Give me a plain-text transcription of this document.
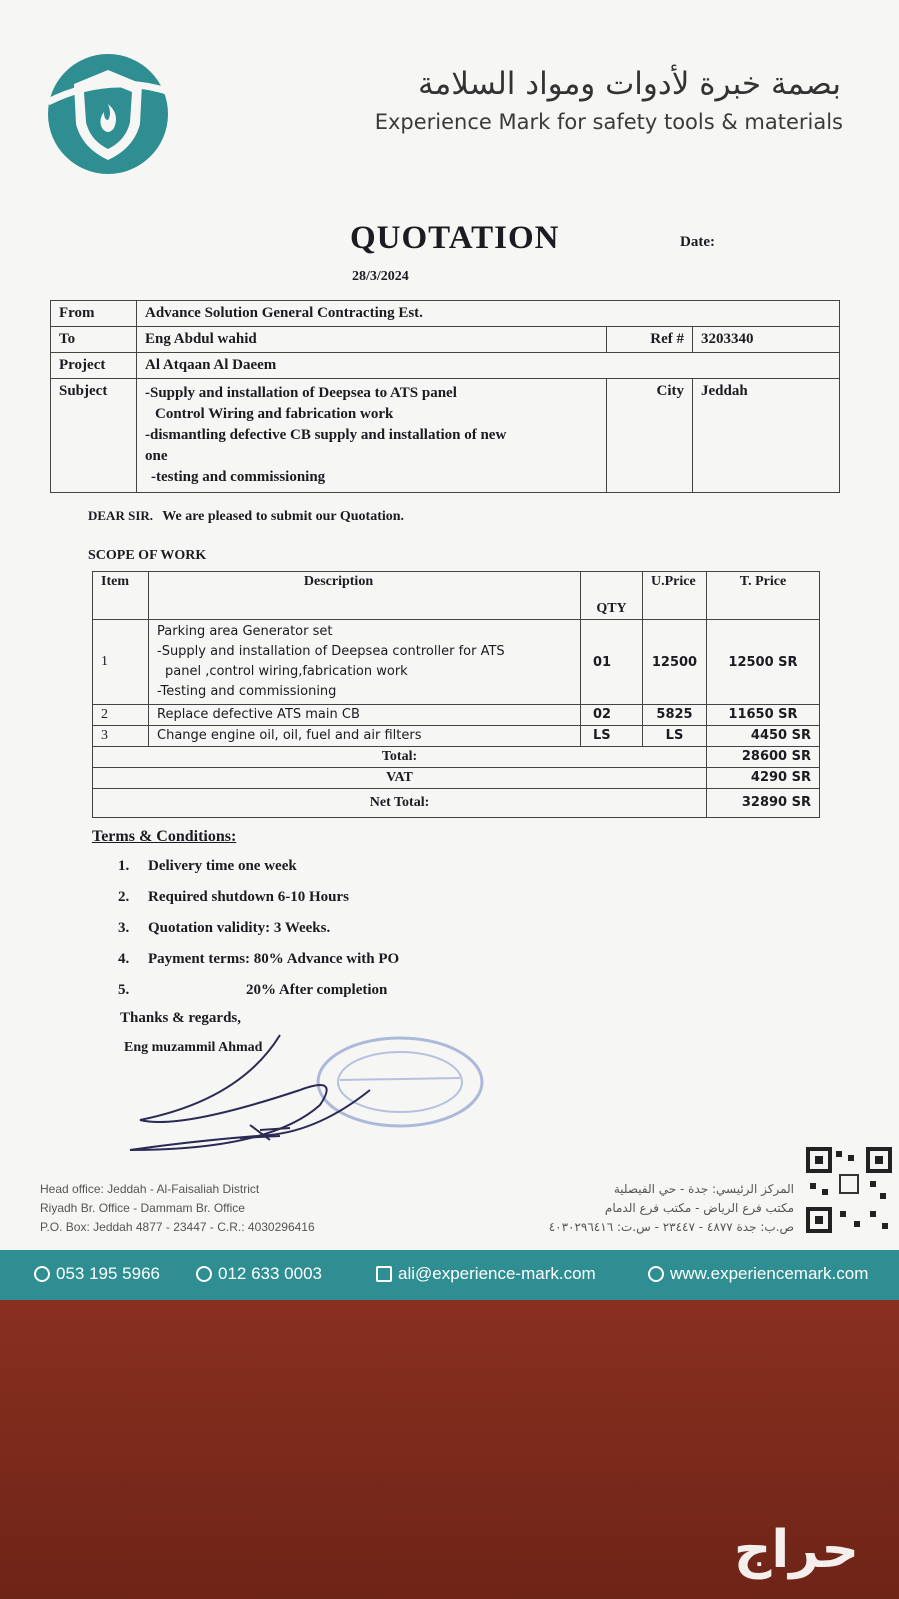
بصمة خبرة لأدوات ومواد السلامة
Experience Mark for safety tools & materials
QUOTATION	Date:
28/3/2024
From	Advance Solution General Contracting Est.		
To	Eng Abdul wahid	Ref #	3203340
Project	Al Atqaan Al Daeem		
Subject	-Supply and installation of Deepsea to ATS panel
Control Wiring and fabrication work
-dismantling defective CB supply and installation of new
one
-testing and commissioning	City	Jeddah
DEAR SIR. We are pleased to submit our Quotation.
SCOPE OF WORK
Item	Description	QTY	U.Price	T. Price
1	Parking area Generator set
-Supply and installation of Deepsea controller for ATS
panel ,control wiring,fabrication work
-Testing and commissioning	01	12500	12500 SR
2	Replace defective ATS main CB	02	5825	11650 SR
3	Change engine oil, oil, fuel and air filters	LS	LS	4450 SR
Total:				28600 SR
VAT				4290 SR
Net Total:				32890 SR
Terms & Conditions:
1.	Delivery time one week
2.	Required shutdown 6-10 Hours
3.	Quotation validity: 3 Weeks.
4.	Payment terms: 80% Advance with PO
5.	20% After completion
Thanks & regards,
Eng muzammil Ahmad
Head office: Jeddah - Al-Faisaliah District
Riyadh Br. Office - Dammam Br. Office
P.O. Box: Jeddah 4877 - 23447 - C.R.: 4030296416
المركز الرئيسي: جدة - حي الفيصلية
مكتب فرع الرياض - مكتب فرع الدمام
ص.ب: جدة ٤٨٧٧ - ٢٣٤٤٧ - س.ت: ٤٠٣٠٢٩٦٤١٦
053 195 5966	012 633 0003	ali@experience-mark.com	www.experiencemark.com
حراج
